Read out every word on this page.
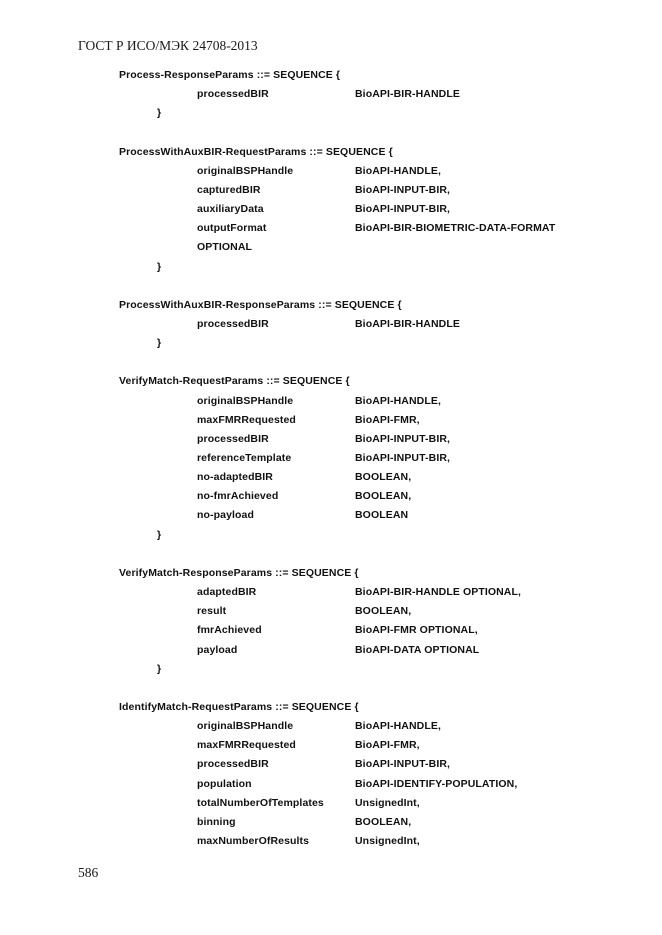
ГОСТ Р ИСО/МЭК 24708-2013
Process-ResponseParams ::= SEQUENCE {
processedBIR	BioAPI-BIR-HANDLE
}
ProcessWithAuxBIR-RequestParams ::= SEQUENCE {
originalBSPHandle	BioAPI-HANDLE,
capturedBIR	BioAPI-INPUT-BIR,
auxiliaryData	BioAPI-INPUT-BIR,
outputFormat	BioAPI-BIR-BIOMETRIC-DATA-FORMAT
OPTIONAL
}
ProcessWithAuxBIR-ResponseParams ::= SEQUENCE {
processedBIR	BioAPI-BIR-HANDLE
}
VerifyMatch-RequestParams ::= SEQUENCE {
originalBSPHandle	BioAPI-HANDLE,
maxFMRRequested	BioAPI-FMR,
processedBIR	BioAPI-INPUT-BIR,
referenceTemplate	BioAPI-INPUT-BIR,
no-adaptedBIR	BOOLEAN,
no-fmrAchieved	BOOLEAN,
no-payload	BOOLEAN
}
VerifyMatch-ResponseParams ::= SEQUENCE {
adaptedBIR	BioAPI-BIR-HANDLE OPTIONAL,
result	BOOLEAN,
fmrAchieved	BioAPI-FMR OPTIONAL,
payload	BioAPI-DATA OPTIONAL
}
IdentifyMatch-RequestParams ::= SEQUENCE {
originalBSPHandle	BioAPI-HANDLE,
maxFMRRequested	BioAPI-FMR,
processedBIR	BioAPI-INPUT-BIR,
population	BioAPI-IDENTIFY-POPULATION,
totalNumberOfTemplates	UnsignedInt,
binning	BOOLEAN,
maxNumberOfResults	UnsignedInt,
586
